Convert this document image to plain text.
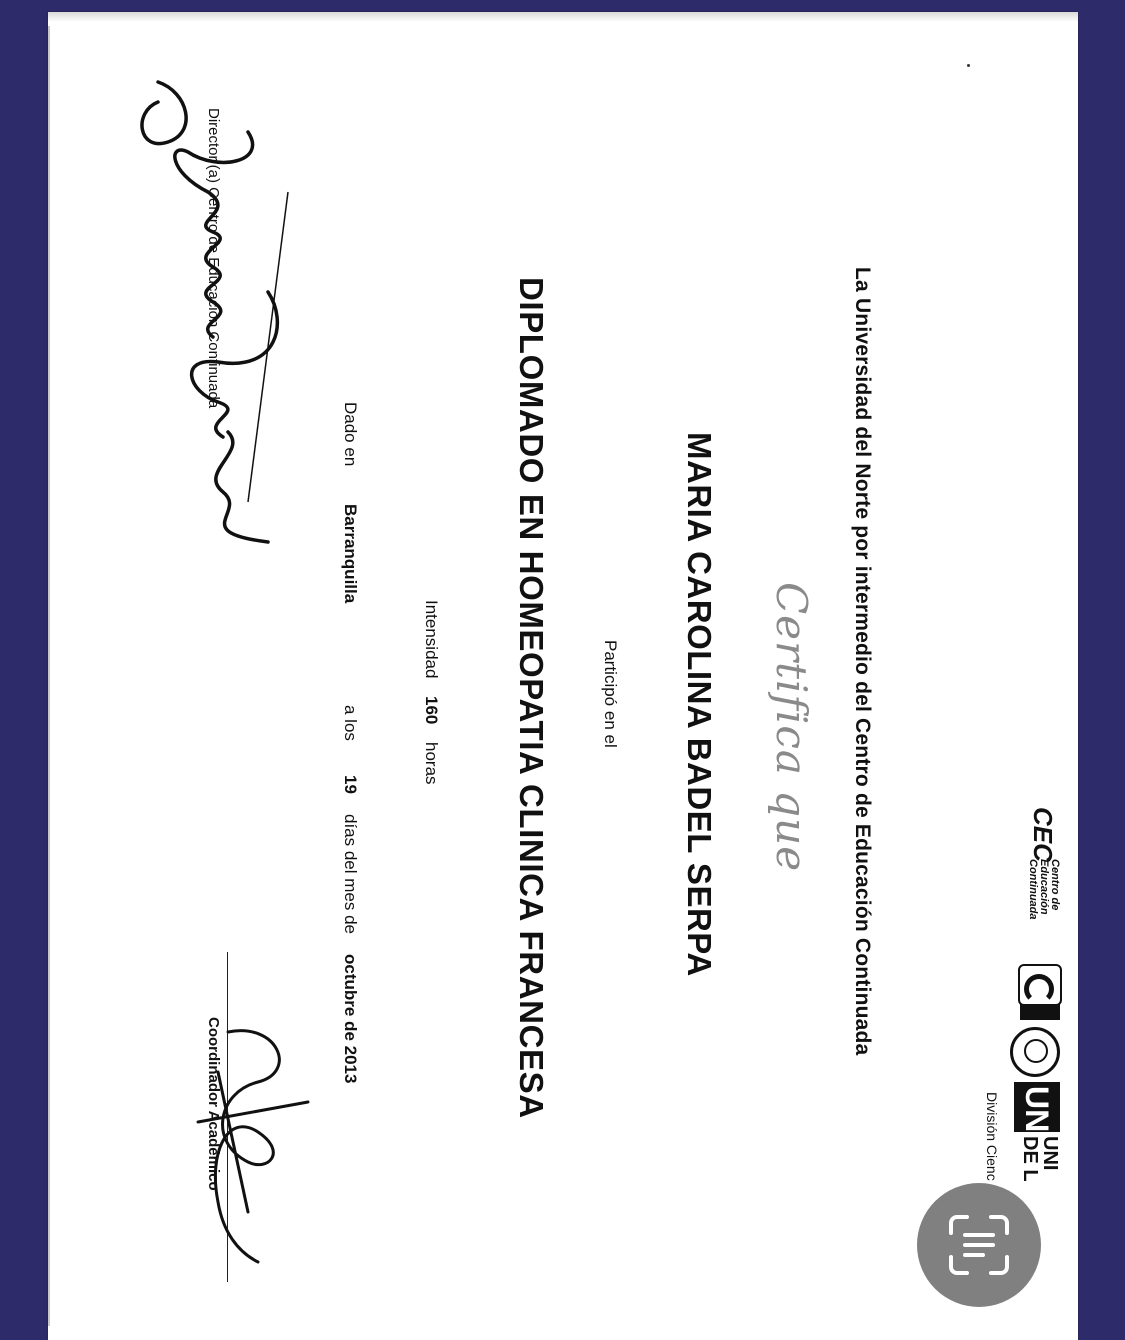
CEC
Centro de
Educación
Continuada
UN
UNI
DE L
División Cienc
La Universidad del Norte por intermedio del Centro de Educación Continuada
Certifica que
MARIA CAROLINA BADEL SERPA
Participó en el
DIPLOMADO EN HOMEOPATIA CLINICA FRANCESA
Intensidad
160
horas
Dado en
Barranquilla
a los
19
días del mes de
octubre de 2013
Director (a) Centro de Educación Continuada
Coordinador Académico
